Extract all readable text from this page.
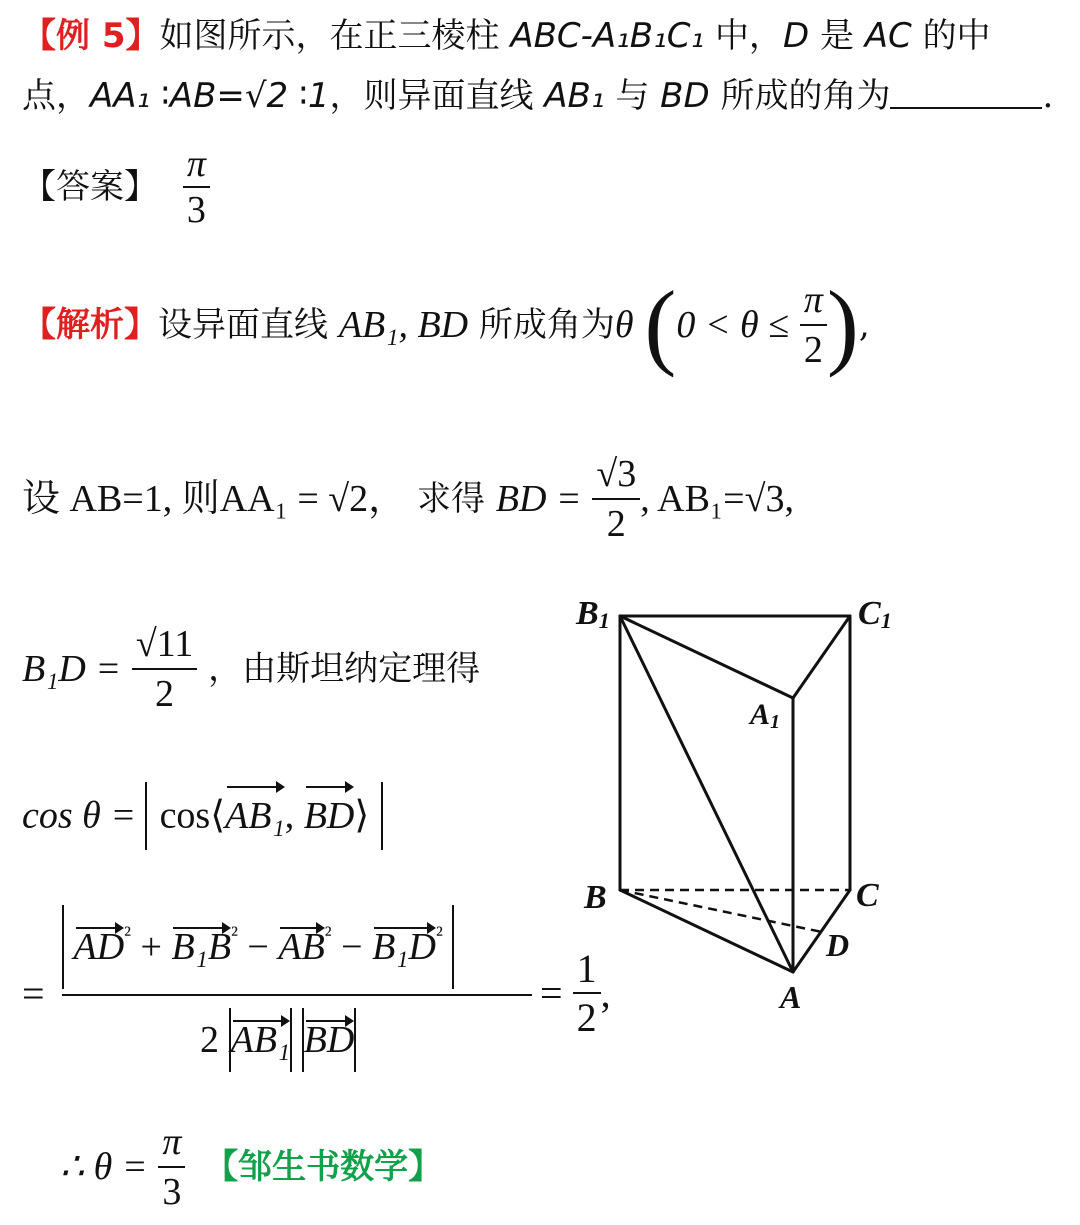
【例 5】如图所示，在正三棱柱 ABC-A₁B₁C₁ 中，D 是 AC 的中
点，AA₁ ∶AB=√2 ∶1，则异面直线 AB₁ 与 BD 所成的角为	.
【答案】 $\frac{\pi}{3}$
【解析】设异面直线 AB₁, BD 所成角为θ ($0 < \theta \le \frac{\pi}{2}$ ),
设 AB=1, 则AA₁ = √2， 求得 BD = $\frac{√3}{2}$ , AB₁=√3,
$B_1D = \frac{√11}{2}$ ，由斯坦纳定理得
cos θ =  cos⟨AB₁, BD⟩
=
$AD^{^2} + B_1B^{^2} - AB^{^2} - B_1D^{^2}$
2 AB₁ BD
= $\frac{1}{2}$ ,
∴ $\theta = \frac{\pi}{3}$ 【邹生书数学】
B1	C1
A1
B	C
D
A
